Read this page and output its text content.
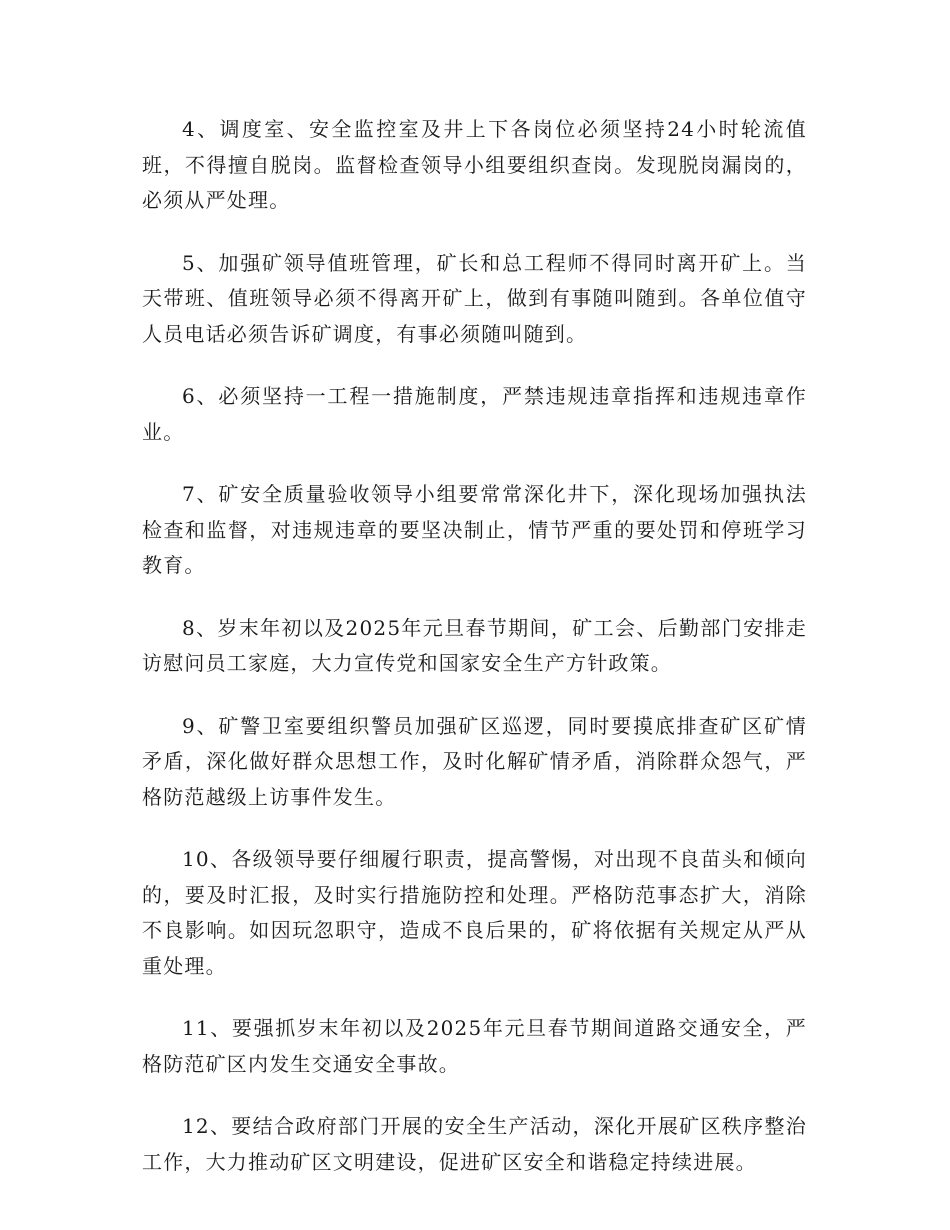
4、调度室、安全监控室及井上下各岗位必须坚持24小时轮流值班，不得擅自脱岗。监督检查领导小组要组织查岗。发现脱岗漏岗的，必须从严处理。

5、加强矿领导值班管理，矿长和总工程师不得同时离开矿上。当天带班、值班领导必须不得离开矿上，做到有事随叫随到。各单位值守人员电话必须告诉矿调度，有事必须随叫随到。

6、必须坚持一工程一措施制度，严禁违规违章指挥和违规违章作业。

7、矿安全质量验收领导小组要常常深化井下，深化现场加强执法检查和监督，对违规违章的要坚决制止，情节严重的要处罚和停班学习教育。

8、岁末年初以及2025年元旦春节期间，矿工会、后勤部门安排走访慰问员工家庭，大力宣传党和国家安全生产方针政策。

9、矿警卫室要组织警员加强矿区巡逻，同时要摸底排查矿区矿情矛盾，深化做好群众思想工作，及时化解矿情矛盾，消除群众怨气，严格防范越级上访事件发生。

10、各级领导要仔细履行职责，提高警惕，对出现不良苗头和倾向的，要及时汇报，及时实行措施防控和处理。严格防范事态扩大，消除不良影响。如因玩忽职守，造成不良后果的，矿将依据有关规定从严从重处理。

11、要强抓岁末年初以及2025年元旦春节期间道路交通安全，严格防范矿区内发生交通安全事故。

12、要结合政府部门开展的安全生产活动，深化开展矿区秩序整治工作，大力推动矿区文明建设，促进矿区安全和谐稳定持续进展。
